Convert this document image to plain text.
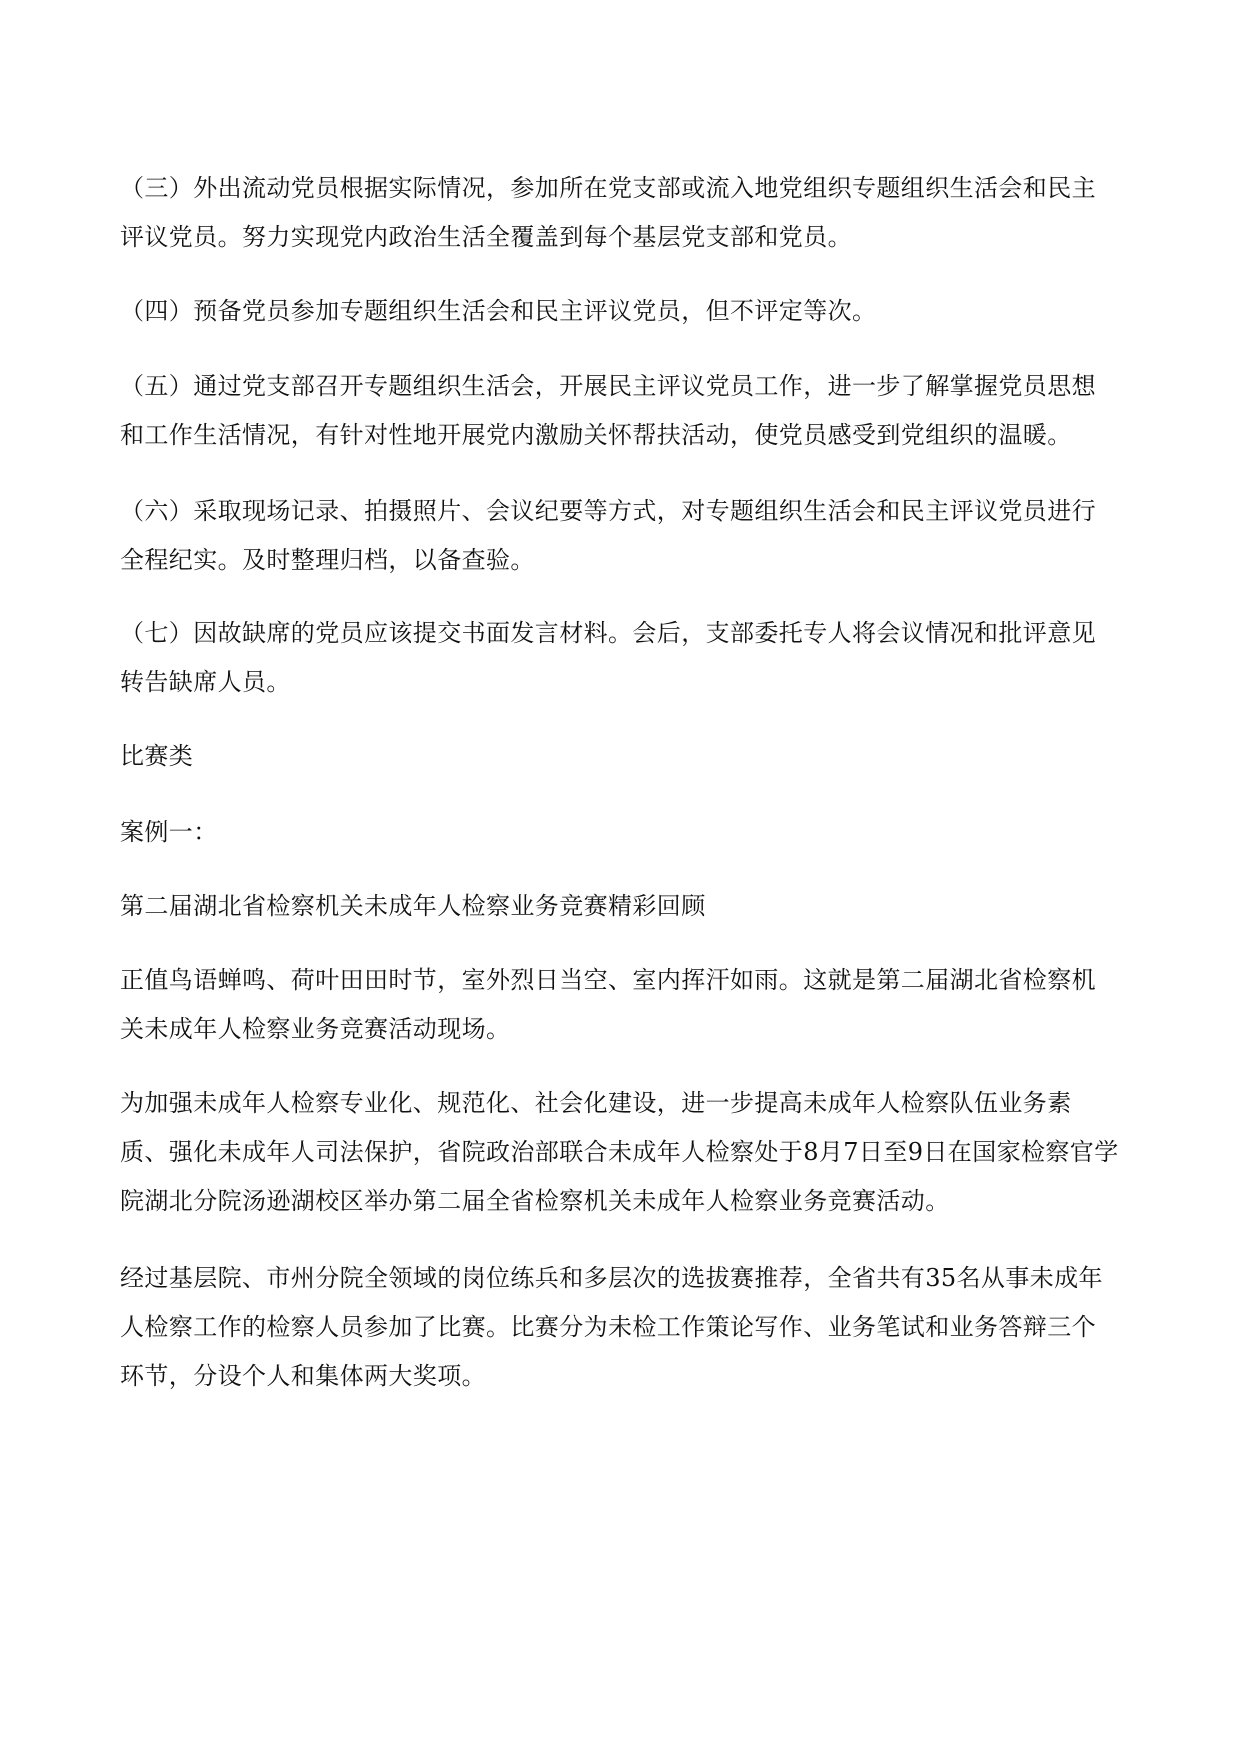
（三）外出流动党员根据实际情况，参加所在党支部或流入地党组织专题组织生活会和民主评议党员。努力实现党内政治生活全覆盖到每个基层党支部和党员。

（四）预备党员参加专题组织生活会和民主评议党员，但不评定等次。

（五）通过党支部召开专题组织生活会，开展民主评议党员工作，进一步了解掌握党员思想和工作生活情况，有针对性地开展党内激励关怀帮扶活动，使党员感受到党组织的温暖。

（六）采取现场记录、拍摄照片、会议纪要等方式，对专题组织生活会和民主评议党员进行全程纪实。及时整理归档，以备查验。

（七）因故缺席的党员应该提交书面发言材料。会后，支部委托专人将会议情况和批评意见转告缺席人员。

比赛类

案例一：

第二届湖北省检察机关未成年人检察业务竞赛精彩回顾

正值鸟语蝉鸣、荷叶田田时节，室外烈日当空、室内挥汗如雨。这就是第二届湖北省检察机关未成年人检察业务竞赛活动现场。

为加强未成年人检察专业化、规范化、社会化建设，进一步提高未成年人检察队伍业务素质、强化未成年人司法保护，省院政治部联合未成年人检察处于8月7日至9日在国家检察官学院湖北分院汤逊湖校区举办第二届全省检察机关未成年人检察业务竞赛活动。

经过基层院、市州分院全领域的岗位练兵和多层次的选拔赛推荐，全省共有35名从事未成年人检察工作的检察人员参加了比赛。比赛分为未检工作策论写作、业务笔试和业务答辩三个环节，分设个人和集体两大奖项。
